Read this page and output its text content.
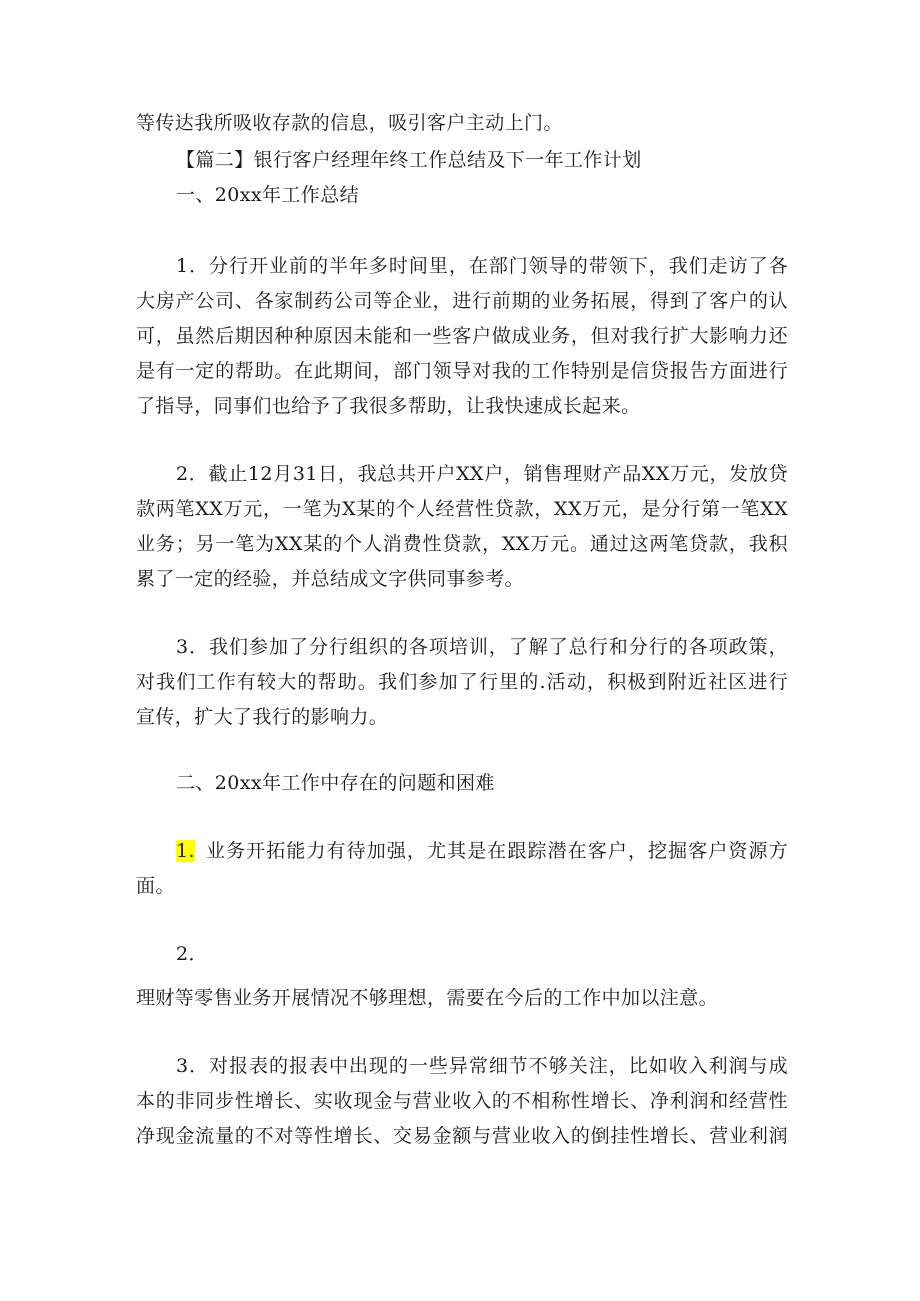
等传达我所吸收存款的信息，吸引客户主动上门。
【篇二】银行客户经理年终工作总结及下一年工作计划
一、20xx年工作总结
1．分行开业前的半年多时间里，在部门领导的带领下，我们走访了各
大房产公司、各家制药公司等企业，进行前期的业务拓展，得到了客户的认
可，虽然后期因种种原因未能和一些客户做成业务，但对我行扩大影响力还
是有一定的帮助。在此期间，部门领导对我的工作特别是信贷报告方面进行
了指导，同事们也给予了我很多帮助，让我快速成长起来。
2．截止12月31日，我总共开户XX户，销售理财产品XX万元，发放贷
款两笔XX万元，一笔为X某的个人经营性贷款，XX万元，是分行第一笔XX
业务；另一笔为XX某的个人消费性贷款，XX万元。通过这两笔贷款，我积
累了一定的经验，并总结成文字供同事参考。
3．我们参加了分行组织的各项培训，了解了总行和分行的各项政策，
对我们工作有较大的帮助。我们参加了行里的.活动，积极到附近社区进行
宣传，扩大了我行的影响力。
二、20xx年工作中存在的问题和困难
1. 业务开拓能力有待加强，尤其是在跟踪潜在客户，挖掘客户资源方
面。
2．
理财等零售业务开展情况不够理想，需要在今后的工作中加以注意。
3．对报表的报表中出现的一些异常细节不够关注，比如收入利润与成
本的非同步性增长、实收现金与营业收入的不相称性增长、净利润和经营性
净现金流量的不对等性增长、交易金额与营业收入的倒挂性增长、营业利润
